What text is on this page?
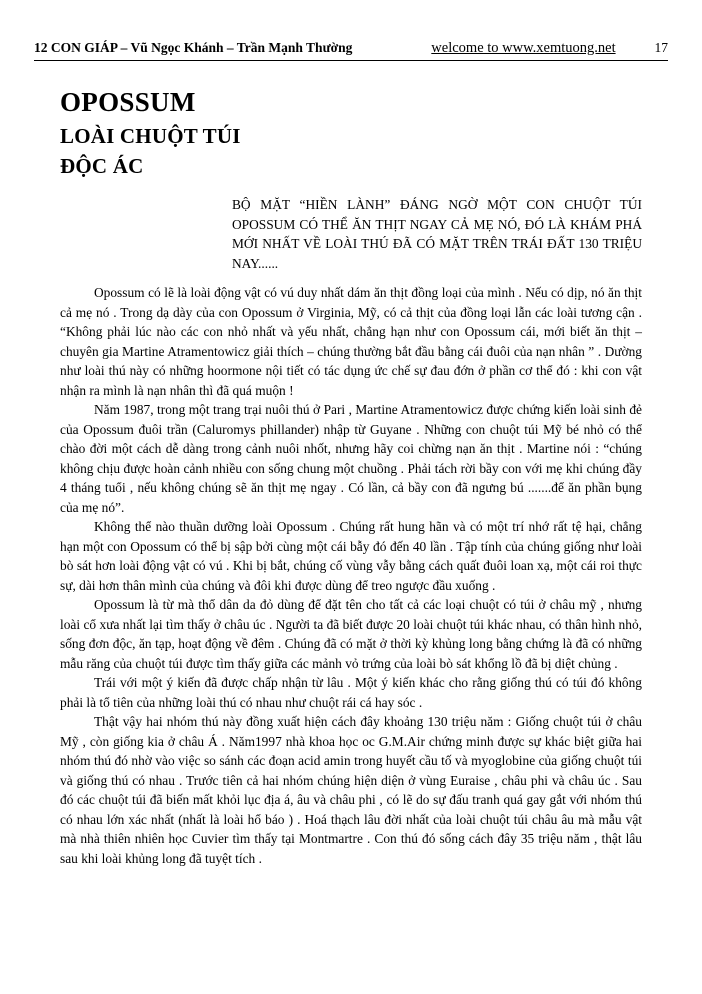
12 CON GIÁP – Vũ Ngọc Khánh – Trần Mạnh Thường	welcome to www.xemtuong.net	17
OPOSSUM
LOÀI CHUỘT TÚI
ĐỘC ÁC

BỘ MẶT “HIỀN LÀNH” ĐÁNG NGỜ MỘT CON CHUỘT TÚI OPOSSUM CÓ THỂ ĂN THỊT NGAY CẢ MẸ NÓ, ĐÓ LÀ KHÁM PHÁ MỚI NHẤT VỀ LOÀI THÚ ĐÃ CÓ MẶT TRÊN TRÁI ĐẤT 130 TRIỆU NAY......

Opossum có lẽ là loài động vật có vú duy nhất dám ăn thịt đồng loại của mình . Nếu có dịp, nó ăn thịt cả mẹ nó . Trong dạ dày của con Opossum ở Virginia, Mỹ, có cả thịt của đồng loại lẫn các loài tương cận . “Không phải lúc nào các con nhỏ nhất và yếu nhất, chẳng hạn như con Opossum cái, mới biết ăn thịt – chuyên gia Martine Atramentowicz giải thích – chúng thường bắt đầu bằng cái đuôi của nạn nhân ” . Dường như loài thú này có những hoormone nội tiết có tác dụng ức chế sự đau đớn ở phần cơ thể đó : khi con vật nhận ra mình là nạn nhân thì đã quá muộn !

Năm 1987, trong một trang trại nuôi thú ở Pari , Martine Atramentowicz được chứng kiến loài sinh đẻ của Opossum đuôi trần (Caluromys phillander) nhập từ Guyane . Những con chuột túi Mỹ bé nhỏ có thể chào đời một cách dễ dàng trong cảnh nuôi nhốt, nhưng hãy coi chừng nạn ăn thịt . Martine nói : “chúng không chịu được hoàn cảnh nhiều con sống chung một chuồng . Phải tách rời bầy con với mẹ khi chúng đầy 4 tháng tuổi , nếu không chúng sẽ ăn thịt mẹ ngay . Có lần, cả bầy con đã ngưng bú .......để ăn phần bụng của mẹ nó”.

Không thể nào thuần dưỡng loài Opossum . Chúng rất hung hãn và có một trí nhớ rất tệ hại, chẳng hạn một con Opossum có thể bị sập bởi cùng một cái bẫy đó đến 40 lần . Tập tính của chúng giống như loài bò sát hơn loài động vật có vú . Khi bị bắt, chúng cố vùng vẫy bằng cách quất đuôi loan xạ, một cái roi thực sự, dài hơn thân mình của chúng và đôi khi được dùng để treo ngược đầu xuống .

Opossum là từ mà thổ dân da đỏ dùng để đặt tên cho tất cả các loại chuột có túi ở châu mỹ , nhưng loài cổ xưa nhất lại tìm thấy ở châu úc . Người ta đã biết được 20 loài chuột túi khác nhau, có thân hình nhỏ, sống đơn độc, ăn tạp, hoạt động về đêm . Chúng đã có mặt ở thời kỳ khủng long bằng chứng là đã có những mẫu răng của chuột túi được tìm thấy giữa các mảnh vỏ trứng của loài bò sát khổng lồ đã bị diệt chủng .

Trái với một ý kiến đã được chấp nhận từ lâu . Một ý kiến khác cho rằng giống thú có túi đó không phải là tổ tiên của những loài thú có nhau như chuột rái cá hay sóc .

Thật vậy hai nhóm thú này đồng xuất hiện cách đây khoảng 130 triệu năm : Giống chuột túi ở châu Mỹ , còn giống kia ở châu Á . Năm1997 nhà khoa học oc G.M.Air chứng minh được sự khác biệt giữa hai nhóm thú đó nhờ vào việc so sánh các đoạn acid amin trong huyết cầu tố và myoglobine của giống chuột túi và giống thú có nhau . Trước tiên cả hai nhóm chúng hiện diện ở vùng Euraise , châu phi và châu úc . Sau đó các chuột túi đã biến mất khỏi lục địa á, âu và châu phi , có lẽ do sự đấu tranh quá gay gắt với nhóm thú có nhau lớn xác nhất (nhất là loài hổ báo ) . Hoá thạch lâu đời nhất của loài chuột túi châu âu mà mẫu vật mà nhà thiên nhiên học Cuvier tìm thấy tại Montmartre . Con thú đó sống cách đây 35 triệu năm , thật lâu sau khi loài khủng long đã tuyệt tích .
